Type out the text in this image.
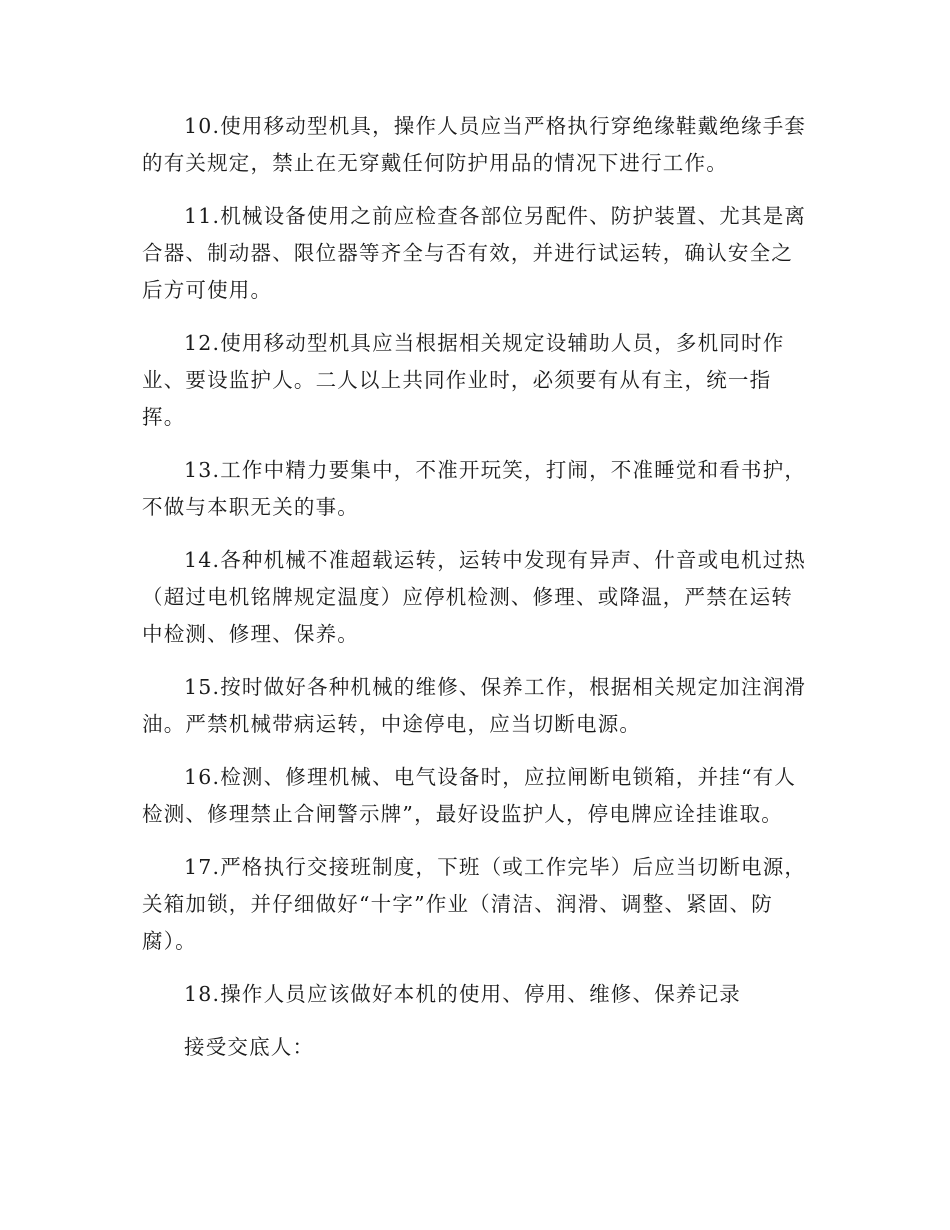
10.使用移动型机具，操作人员应当严格执行穿绝缘鞋戴绝缘手套
的有关规定，禁止在无穿戴任何防护用品的情况下进行工作。

11.机械设备使用之前应检查各部位另配件、防护装置、尤其是离
合器、制动器、限位器等齐全与否有效，并进行试运转，确认安全之
后方可使用。

12.使用移动型机具应当根据相关规定设辅助人员，多机同时作
业、要设监护人。二人以上共同作业时，必须要有从有主，统一指
挥。

13.工作中精力要集中，不准开玩笑，打闹，不准睡觉和看书护，
不做与本职无关的事。

14.各种机械不准超载运转，运转中发现有异声、什音或电机过热
（超过电机铭牌规定温度）应停机检测、修理、或降温，严禁在运转
中检测、修理、保养。

15.按时做好各种机械的维修、保养工作，根据相关规定加注润滑
油。严禁机械带病运转，中途停电，应当切断电源。

16.检测、修理机械、电气设备时，应拉闸断电锁箱，并挂“有人
检测、修理禁止合闸警示牌”，最好设监护人，停电牌应诠挂谁取。

17.严格执行交接班制度，下班（或工作完毕）后应当切断电源，
关箱加锁，并仔细做好“十字”作业（清洁、润滑、调整、紧固、防
腐）。

18.操作人员应该做好本机的使用、停用、维修、保养记录

接受交底人：
